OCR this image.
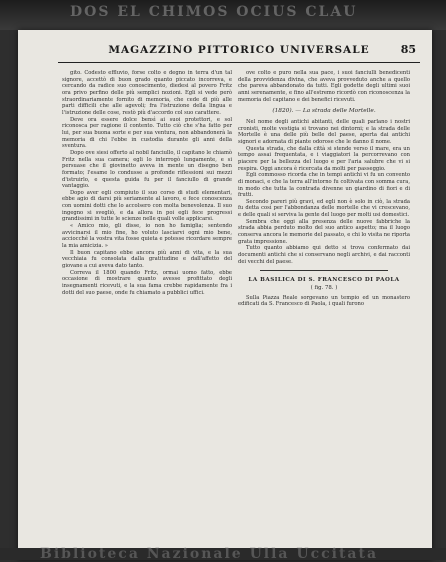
DOS EL CHIMOS OCIUS CLAU
MAGAZZINO PITTORICO UNIVERSALE	85

gito. Codesto effluvio, forse colto e degno in terra d'un tal signore, accettò di buon grado quanto piccato incorreva, e cercando da radice suo conoscimento, diedesi al povero Fritz ora privo perfino delle più semplici nozioni. Egli si vede però straordinariamente fornito di memoria, che cede di più alle parti difficili che alle agevoli; fra l'istruzione della lingua e l'istruzione delle cose, restò più d'accordo col suo carattere.

Deve ora essere dolce bensì ai suoi protettori, e sol riconosca per ragione il contento. Tutto ciò che s'ha fatto per lui, per sua buona sorte e per sua ventura, non abbandonerà la memoria di chi l'ebbe in custodia durante gli anni della sventura.

Dopo ove siesi offerto al nobil fanciullo, il capitano le chiamò Fritz nella sua camera; egli lo interrogò lungamente, e si persuase che il giovinetto aveva in mente un disegno ben formato; l'esame lo condusse a profonde riflessioni sui mezzi d'istruirlo, e questa guida fu per il fanciullo di grande vantaggio.

Dopo aver egli compiuto il suo corso di studi elementari, ebbe agio di darsi più seriamente al lavoro, e fece conoscenza con uomini dotti che lo accolsero con molta benevolenza. Il suo ingegno si svegliò, e da allora in poi egli fece progressi grandissimi in tutte le scienze nelle quali volle applicarsi.

« Amico mio, gli disse, io non ho famiglia; sentendo avvicinarsi il mio fine, ho voluto lasciarvi ogni mio bene, acciocché la vostra vita fosse quieta e potesse ricordare sempre la mia amicizia. »

Il buon capitano ebbe ancora più anni di vita, e la sua vecchiaia fu consolata dalla gratitudine e dall'affetto del giovane a cui aveva dato tanto.

Correva il 1800 quando Fritz, ormai uomo fatto, ebbe occasione di mostrare quanto avesse profittato degli insegnamenti ricevuti, e la sua fama crebbe rapidamente fra i dotti del suo paese, onde fu chiamato a pubblici uffici.

ove colto e puro nella sua pace, i suoi fanciulli benedicenti della provvidenza divina, che aveva provveduto anche a quello che pareva abbandonato da tutti. Egli godette degli ultimi suoi anni serenamente, e fino all'estremo ricordò con riconoscenza la memoria del capitano e dei benefici ricevuti.

(1820). — La strada delle Mortelle.

Nel nome degli antichi abitanti, delle quali parlano i nostri cronisti, molte vestigia si trovano nei dintorni; e la strada delle Mortelle è una delle più belle del paese, aperta dai antichi signori e adornata di piante odorose che le danno il nome.

Questa strada, che dalla città si stende verso il mare, era un tempo assai frequentata, e i viaggiatori la percorrevano con piacere per la bellezza del luogo e per l'aria salubre che vi si respira. Oggi ancora è ricercata da molti per passeggio.

Egli commosso ricorda che in tempi antichi vi fu un convento di monaci, e che la terra all'intorno fu coltivata con somma cura, in modo che tutta la contrada divenne un giardino di fiori e di frutti.

Secondo pareri più gravi, ed egli non è solo in ciò, la strada fu detta così per l'abbondanza delle mortelle che vi crescevano, e delle quali si serviva la gente del luogo per molti usi domestici.

Sembra che oggi alla presenza delle nuove fabbriche la strada abbia perduto molto del suo antico aspetto; ma il luogo conserva ancora le memorie del passato, e chi lo visita ne riporta grata impressione.

Tutto quanto abbiamo qui detto si trova confermato dai documenti antichi che si conservano negli archivi, e dai racconti dei vecchi del paese.

LA BASILICA DI S. FRANCESCO DI PAOLA
( fig. 78. )

Sulla Piazza Reale sorgevano un tempio ed un monastero edificati da S. Francesco di Paola, i quali furono

Biblioteca Nazionale Ulla Uccitata
